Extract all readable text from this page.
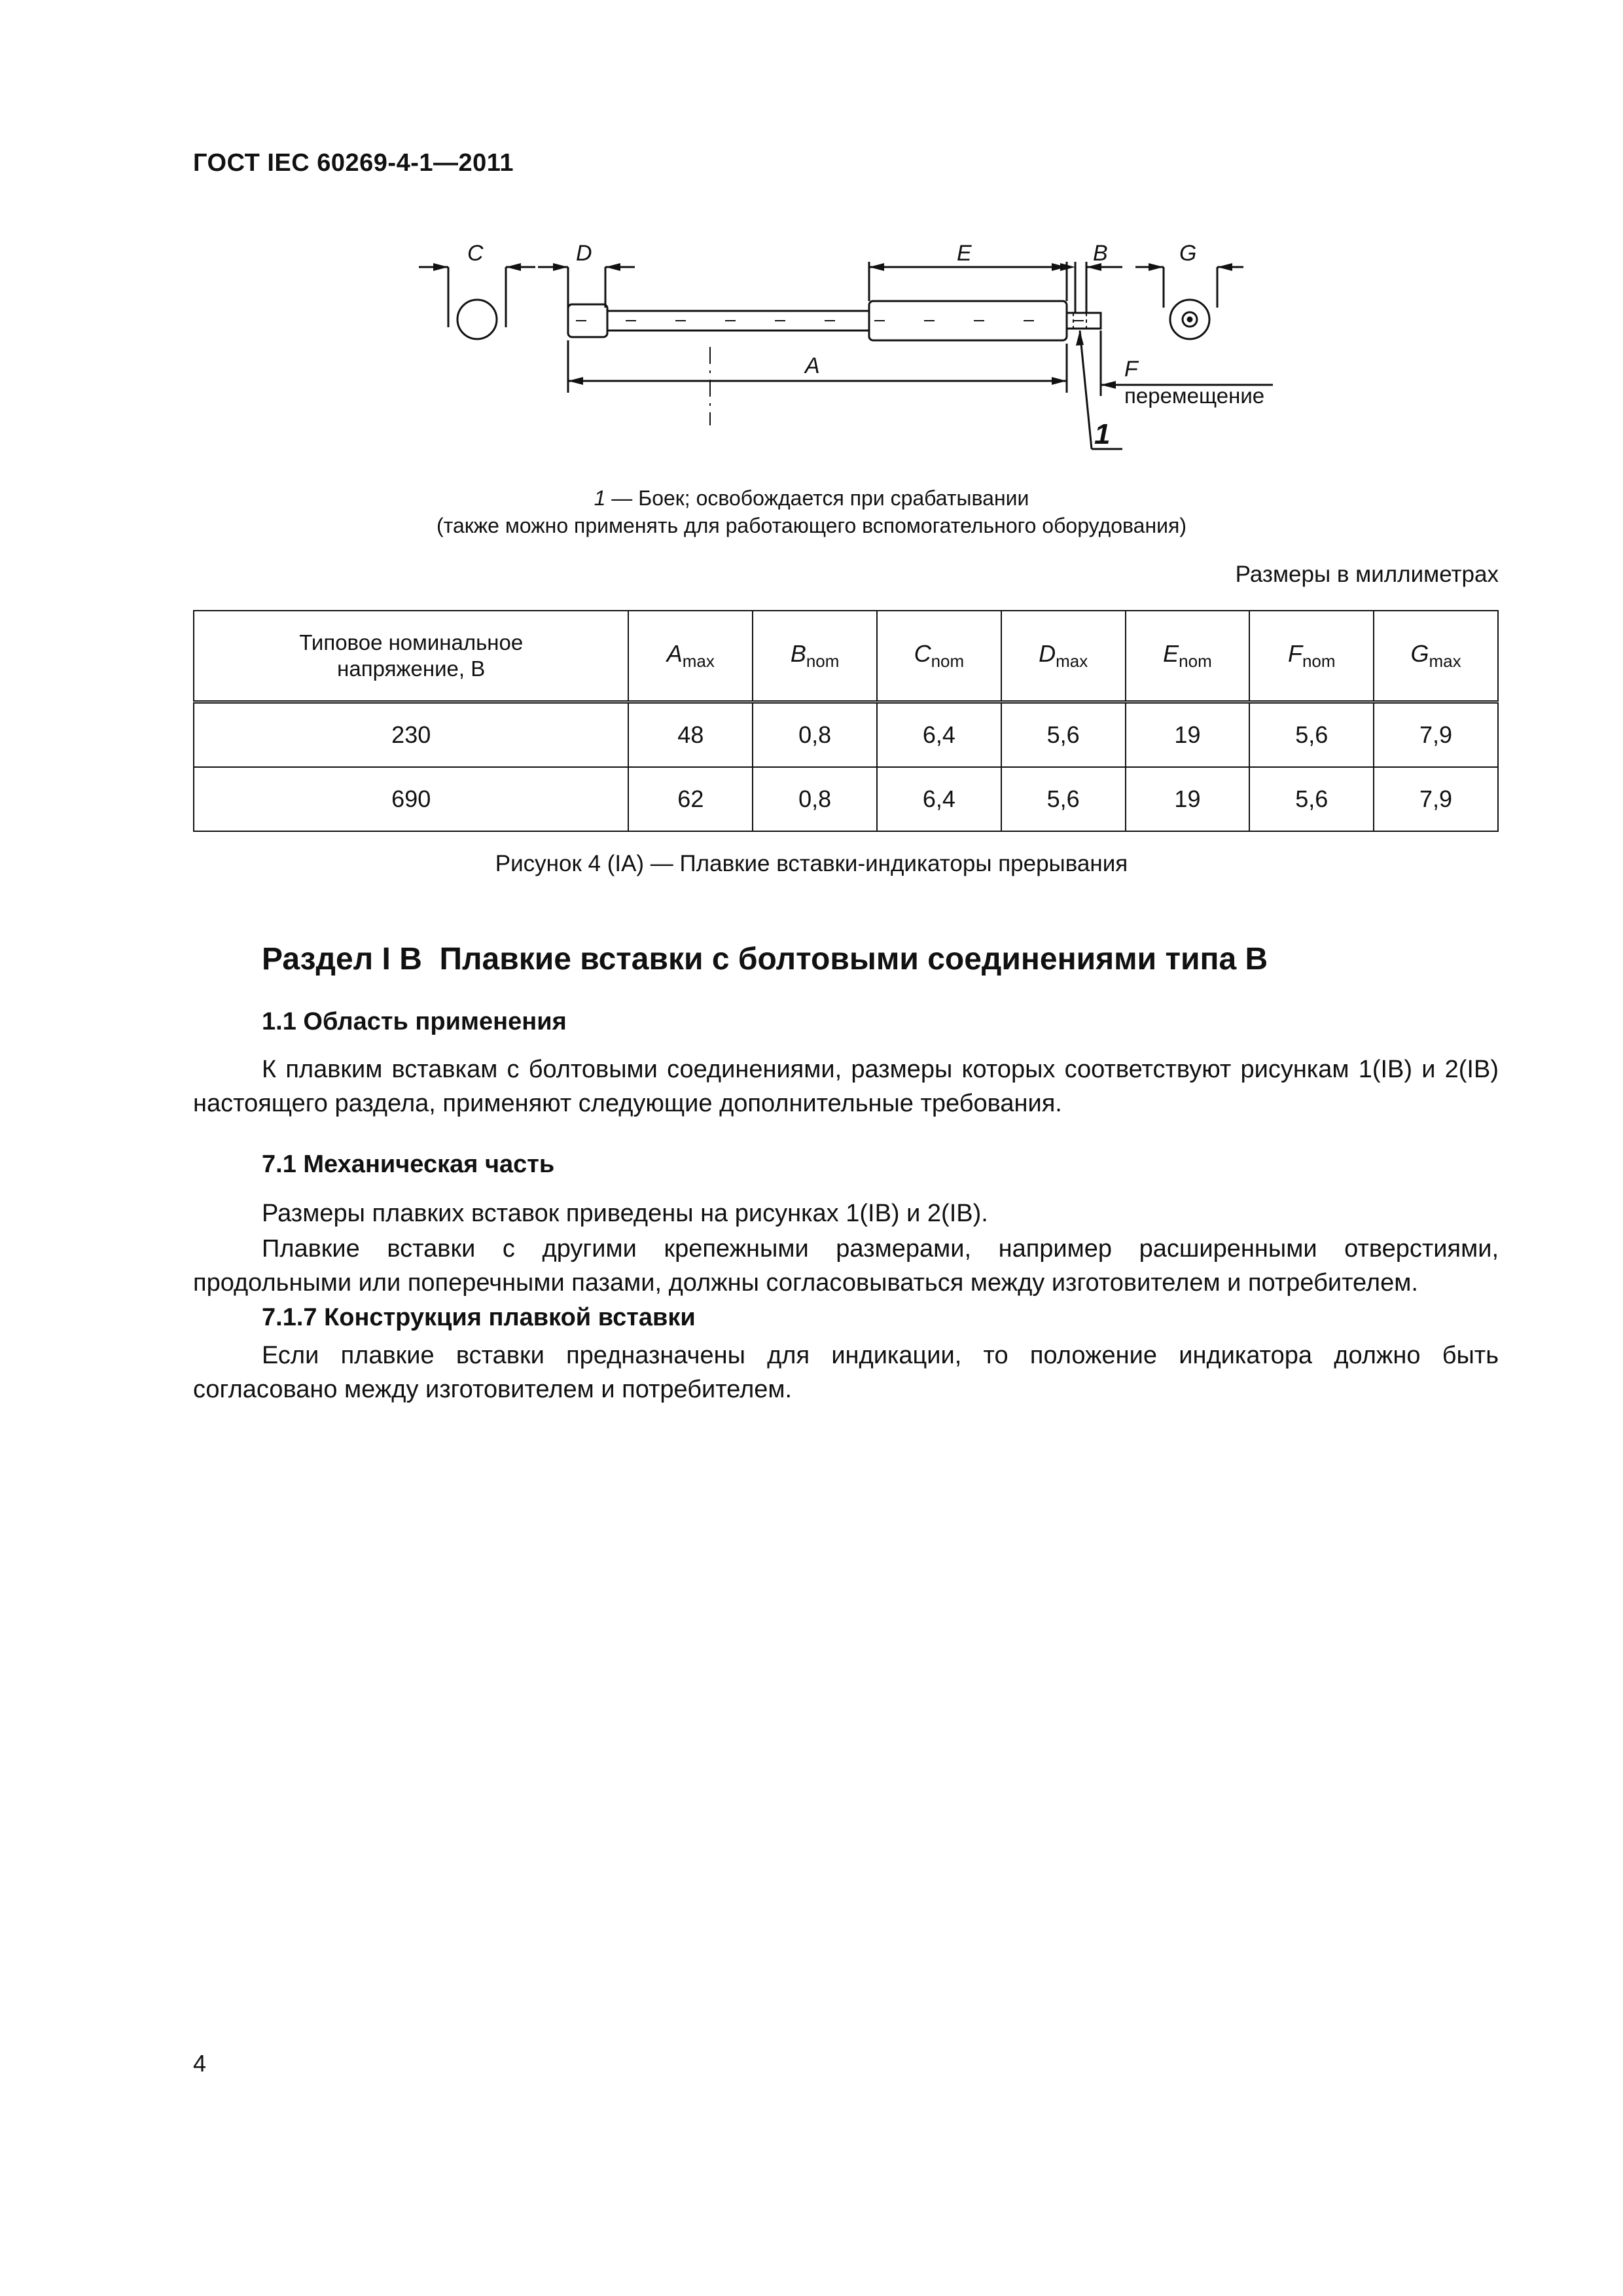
ГОСТ IEC 60269-4-1—2011
C	D	E	B	G
A	F
1
перемещение
1 — Боек; освобождается при срабатывании
(также можно применять для работающего вспомогательного оборудования)
Размеры в миллиметрах
Типовое номинальное напряжение, В	$A_{max}$	$B_{nom}$	$C_{nom}$	$D_{max}$	$E_{nom}$	$F_{nom}$	$G_{max}$
230	48	0,8	6,4	5,6	19	5,6	7,9
690	62	0,8	6,4	5,6	19	5,6	7,9
Рисунок 4 (IA) — Плавкие вставки-индикаторы прерывания
Раздел I B  Плавкие вставки с болтовыми соединениями типа B
1.1 Область применения
К плавким вставкам с болтовыми соединениями, размеры которых соответствуют рисункам 1(IB) и 2(IB) настоящего раздела, применяют следующие дополнительные требования.
7.1 Механическая часть
Размеры плавких вставок приведены на рисунках 1(IB) и 2(IB).
Плавкие вставки с другими крепежными размерами, например расширенными отверстиями, продольными или поперечными пазами, должны согласовываться между изготовителем и потребителем.
7.1.7 Конструкция плавкой вставки
Если плавкие вставки предназначены для индикации, то положение индикатора должно быть согласовано между изготовителем и потребителем.
4
